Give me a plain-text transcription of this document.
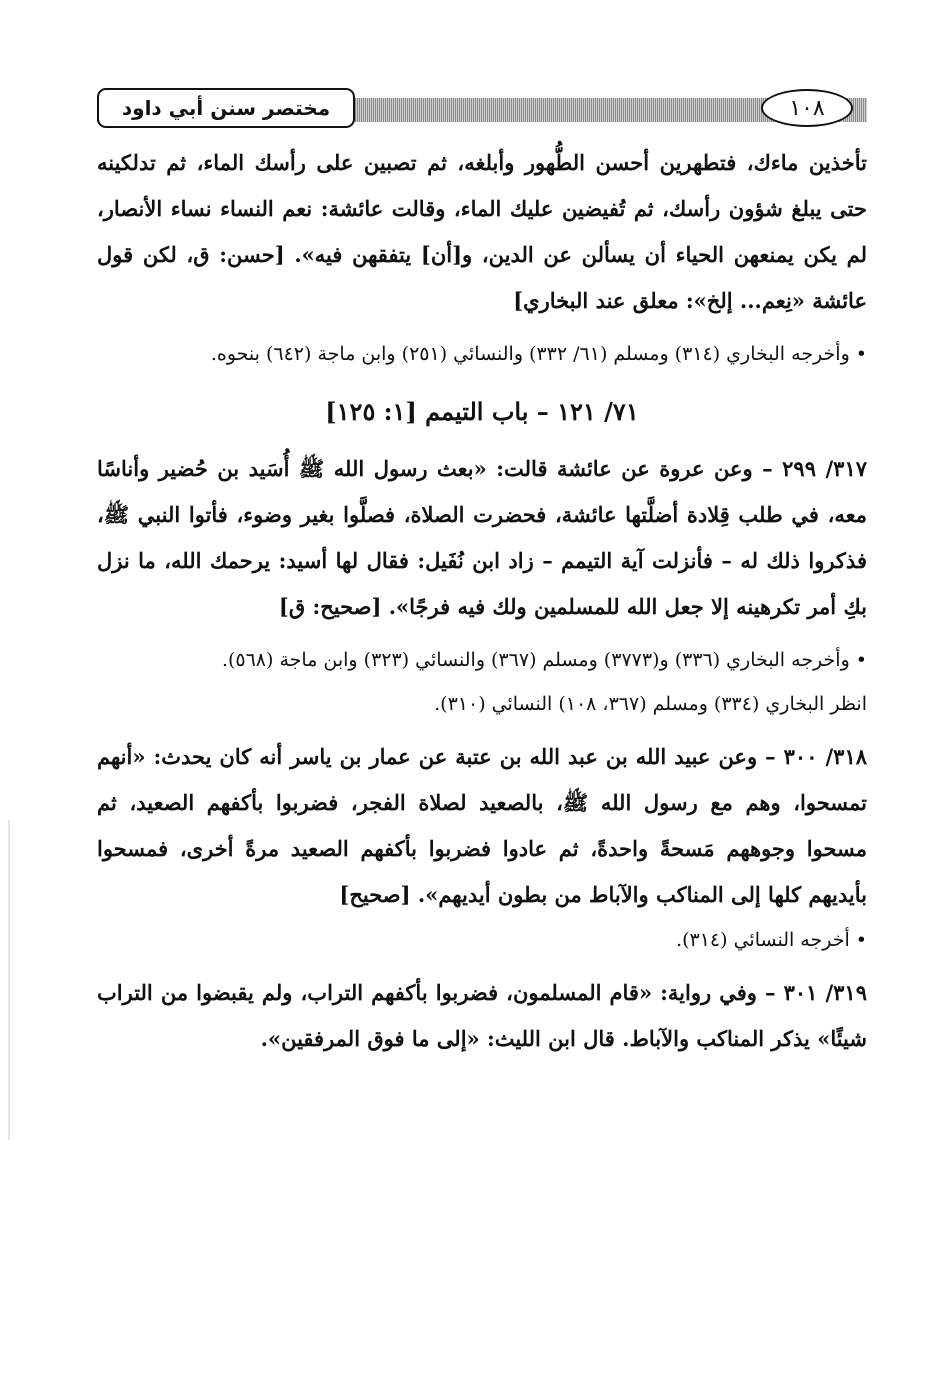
مختصر سنن أبي داود	١٠٨

تأخذين ماءك، فتطهرين أحسن الطُّهور وأبلغه، ثم تصبين على رأسك الماء، ثم تدلكينه حتى يبلغ شؤون رأسك، ثم تُفيضين عليك الماء، وقالت عائشة: نعم النساء نساء الأنصار، لم يكن يمنعهن الحياء أن يسألن عن الدين، و[أن] يتفقهن فيه». [حسن: ق، لكن قول عائشة «نِعم... إلخ»: معلق عند البخاري]

• وأخرجه البخاري (٣١٤) ومسلم (٦١/ ٣٣٢) والنسائي (٢٥١) وابن ماجة (٦٤٢) بنحوه.

٧١/ ١٢١ – باب التيمم [١: ١٢٥]

٣١٧/ ٢٩٩ – وعن عروة عن عائشة قالت: «بعث رسول الله ﷺ أُسَيد بن حُضير وأناسًا معه، في طلب قِلادة أضلَّتها عائشة، فحضرت الصلاة، فصلَّوا بغير وضوء، فأتوا النبي ﷺ، فذكروا ذلك له – فأنزلت آية التيمم – زاد ابن نُفَيل: فقال لها أسيد: يرحمك الله، ما نزل بكِ أمر تكرهينه إلا جعل الله للمسلمين ولك فيه فرجًا». [صحيح: ق]

• وأخرجه البخاري (٣٣٦) و(٣٧٧٣) ومسلم (٣٦٧) والنسائي (٣٢٣) وابن ماجة (٥٦٨).

انظر البخاري (٣٣٤) ومسلم (٣٦٧، ١٠٨) النسائي (٣١٠).

٣١٨/ ٣٠٠ – وعن عبيد الله بن عبد الله بن عتبة عن عمار بن ياسر أنه كان يحدث: «أنهم تمسحوا، وهم مع رسول الله ﷺ، بالصعيد لصلاة الفجر، فضربوا بأكفهم الصعيد، ثم مسحوا وجوههم مَسحةً واحدةً، ثم عادوا فضربوا بأكفهم الصعيد مرةً أخرى، فمسحوا بأيديهم كلها إلى المناكب والآباط من بطون أيديهم». [صحيح]

• أخرجه النسائي (٣١٤).

٣١٩/ ٣٠١ – وفي رواية: «قام المسلمون، فضربوا بأكفهم التراب، ولم يقبضوا من التراب شيئًا» يذكر المناكب والآباط. قال ابن الليث: «إلى ما فوق المرفقين».
